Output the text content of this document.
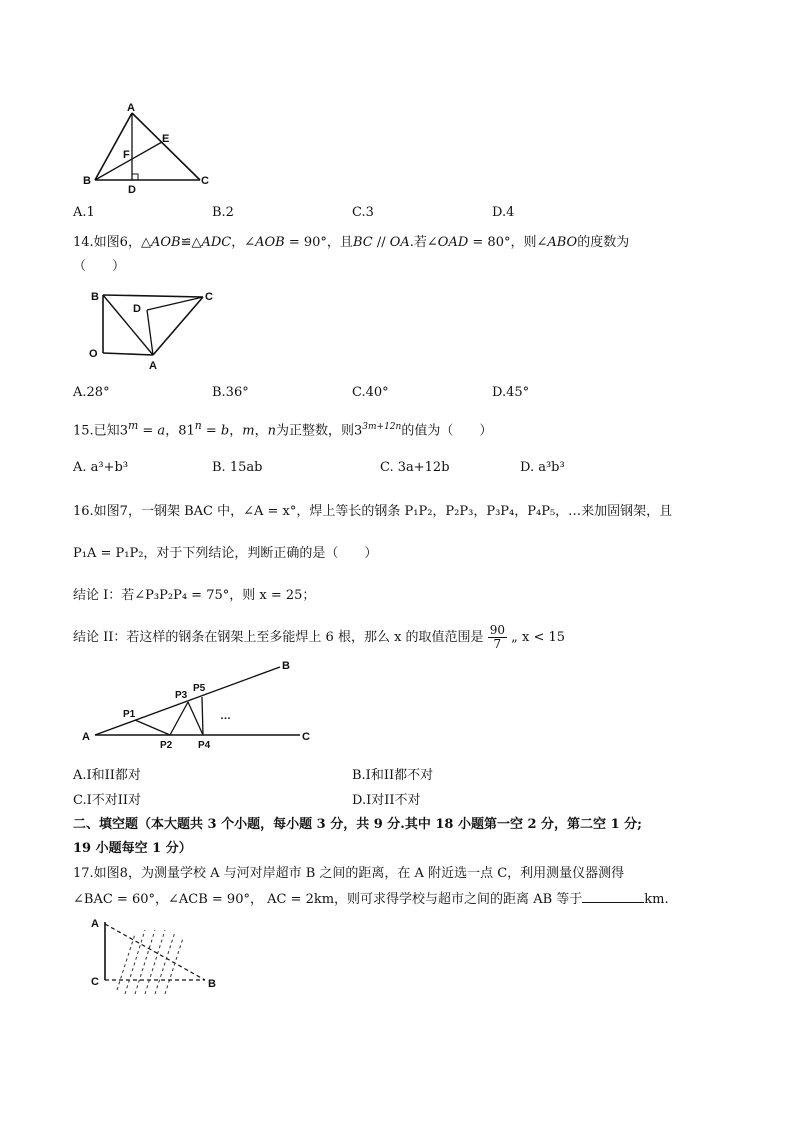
A
B	C
D
E
F
A.1	B.2	C.3	D.4
14.如图6，△AOB≌△ADC，∠AOB = 90°，且BC // OA.若∠OAD = 80°，则∠ABO的度数为
（　　）
B	C
D
O
A
A.28°	B.36°	C.40°	D.45°
15.已知$3^m = a$，$81^n = b$，m，n为正整数，则$3^{3m+12n}$的值为（　　）
A. a³+b³	B. 15ab	C. 3a+12b	D. a³b³
16.如图7，一钢架 BAC 中，∠A = x°，焊上等长的钢条 P₁P₂，P₂P₃，P₃P₄，P₄P₅，…来加固钢架，且
P₁A = P₁P₂，对于下列结论，判断正确的是（　　）
结论 I：若∠P₃P₂P₄ = 75°，则 x = 25；
结论 II：若这样的钢条在钢架上至多能焊上 6 根，那么 x 的取值范围是 $\frac{90}{7}$ „ x < 15
A
B
C
P1
P2
P3
P4
P5
…
A.I和II都对	B.I和II都不对
C.I不对II对	D.I对II不对
二、填空题（本大题共 3 个小题，每小题 3 分，共 9 分.其中 18 小题第一空 2 分，第二空 1 分;
19 小题每空 1 分）
17.如图8，为测量学校 A 与河对岸超市 B 之间的距离，在 A 附近选一点 C，利用测量仪器测得
∠BAC = 60°，∠ACB = 90°， AC = 2km，则可求得学校与超市之间的距离 AB 等于	km.
A
C	B
